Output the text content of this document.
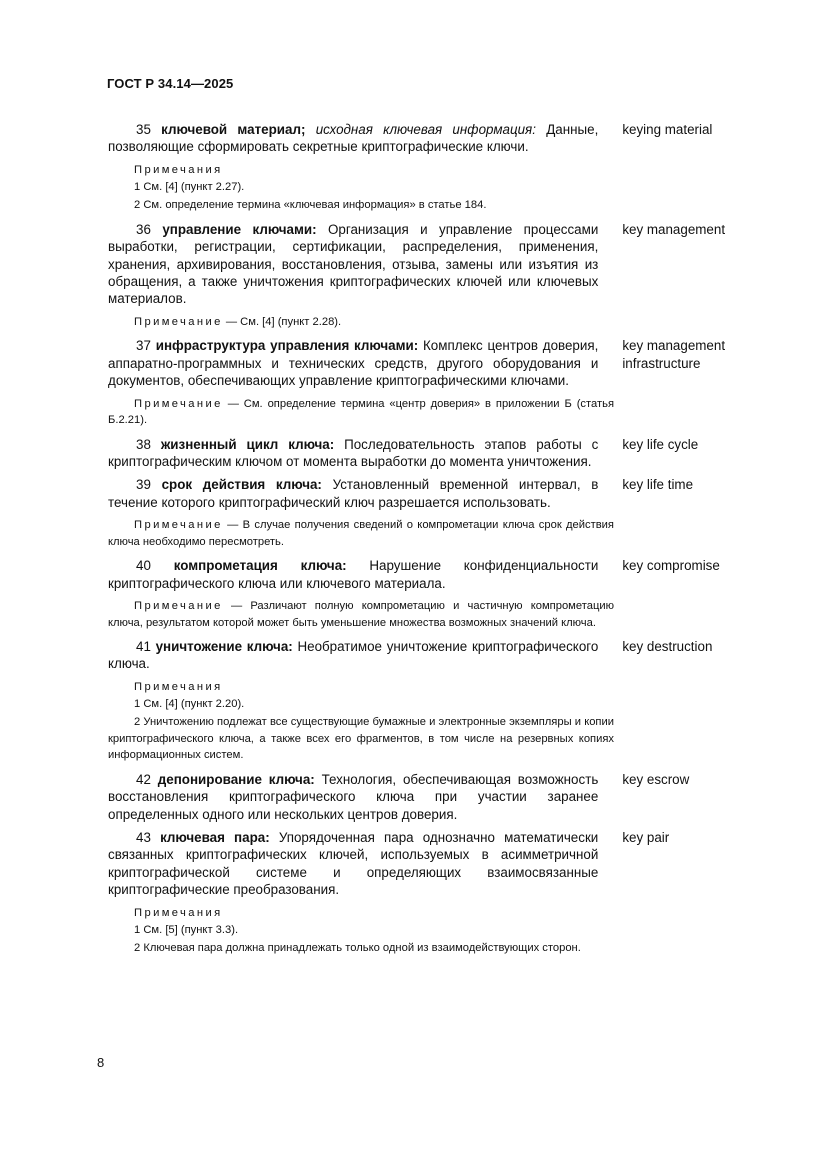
ГОСТ Р 34.14—2025
35 ключевой материал; исходная ключевая информация: Данные, позволяющие сформировать секретные криптографические ключи.
keying material
Примечания
1 См. [4] (пункт 2.27).
2 См. определение термина «ключевая информация» в статье 184.
36 управление ключами: Организация и управление процессами выработки, регистрации, сертификации, распределения, применения, хранения, архивирования, восстановления, отзыва, замены или изъятия из обращения, а также уничтожения криптографических ключей или ключевых материалов.
key management
Примечание — См. [4] (пункт 2.28).
37 инфраструктура управления ключами: Комплекс центров доверия, аппаратно-программных и технических средств, другого оборудования и документов, обеспечивающих управление криптографическими ключами.
key management infrastructure
Примечание — См. определение термина «центр доверия» в приложении Б (статья Б.2.21).
38 жизненный цикл ключа: Последовательность этапов работы с криптографическим ключом от момента выработки до момента уничтожения.
key life cycle
39 срок действия ключа: Установленный временной интервал, в течение которого криптографический ключ разрешается использовать.
key life time
Примечание — В случае получения сведений о компрометации ключа срок действия ключа необходимо пересмотреть.
40 компрометация ключа: Нарушение конфиденциальности криптографического ключа или ключевого материала.
key compromise
Примечание — Различают полную компрометацию и частичную компрометацию ключа, результатом которой может быть уменьшение множества возможных значений ключа.
41 уничтожение ключа: Необратимое уничтожение криптографического ключа.
key destruction
Примечания
1 См. [4] (пункт 2.20).
2 Уничтожению подлежат все существующие бумажные и электронные экземпляры и копии криптографического ключа, а также всех его фрагментов, в том числе на резервных копиях информационных систем.
42 депонирование ключа: Технология, обеспечивающая возможность восстановления криптографического ключа при участии заранее определенных одного или нескольких центров доверия.
key escrow
43 ключевая пара: Упорядоченная пара однозначно математически связанных криптографических ключей, используемых в асимметричной криптографической системе и определяющих взаимосвязанные криптографические преобразования.
key pair
Примечания
1 См. [5] (пункт 3.3).
2 Ключевая пара должна принадлежать только одной из взаимодействующих сторон.
8
